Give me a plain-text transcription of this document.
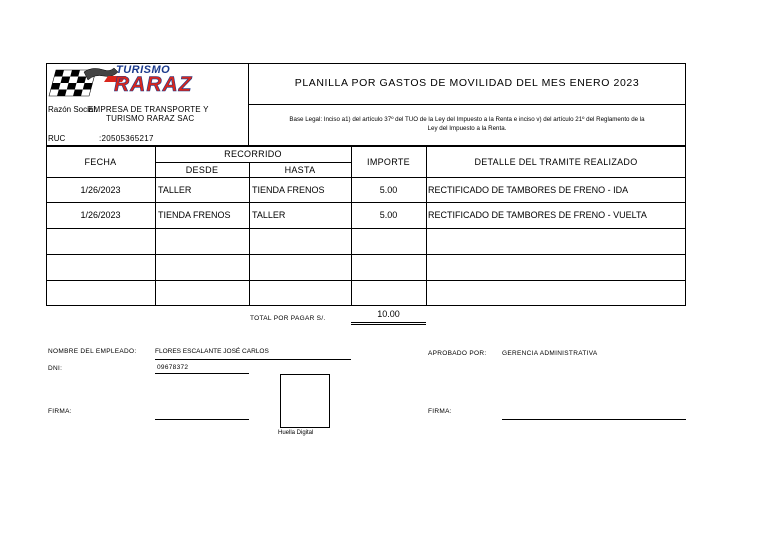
TURISMO
RARAZ	PLANILLA POR GASTOS DE MOVILIDAD DEL MES ENERO 2023
Razón Social:
EMPRESA DE TRANSPORTE Y
TURISMO RARAZ SAC	Base Legal: Inciso a1) del artículo 37º del TUO de la Ley del Impuesto a la Renta e inciso v) del artículo 21º del Reglamento de la
Ley del Impuesto a la Renta.
RUC	:20505365217
FECHA
RECORRIDO
DESDE	HASTA
IMPORTE	DETALLE DEL TRAMITE REALIZADO
1/26/2023	TALLER	TIENDA FRENOS	5.00	RECTIFICADO DE TAMBORES DE FRENO - IDA
1/26/2023	TIENDA FRENOS	TALLER	5.00	RECTIFICADO DE TAMBORES DE FRENO - VUELTA
TOTAL POR PAGAR S/.	10.00
NOMBRE DEL EMPLEADO:	FLORES ESCALANTE JOSÉ CARLOS
DNI:	09678372
FIRMA:
Huella Digital
APROBADO POR: GERENCIA ADMINISTRATIVA
FIRMA:
